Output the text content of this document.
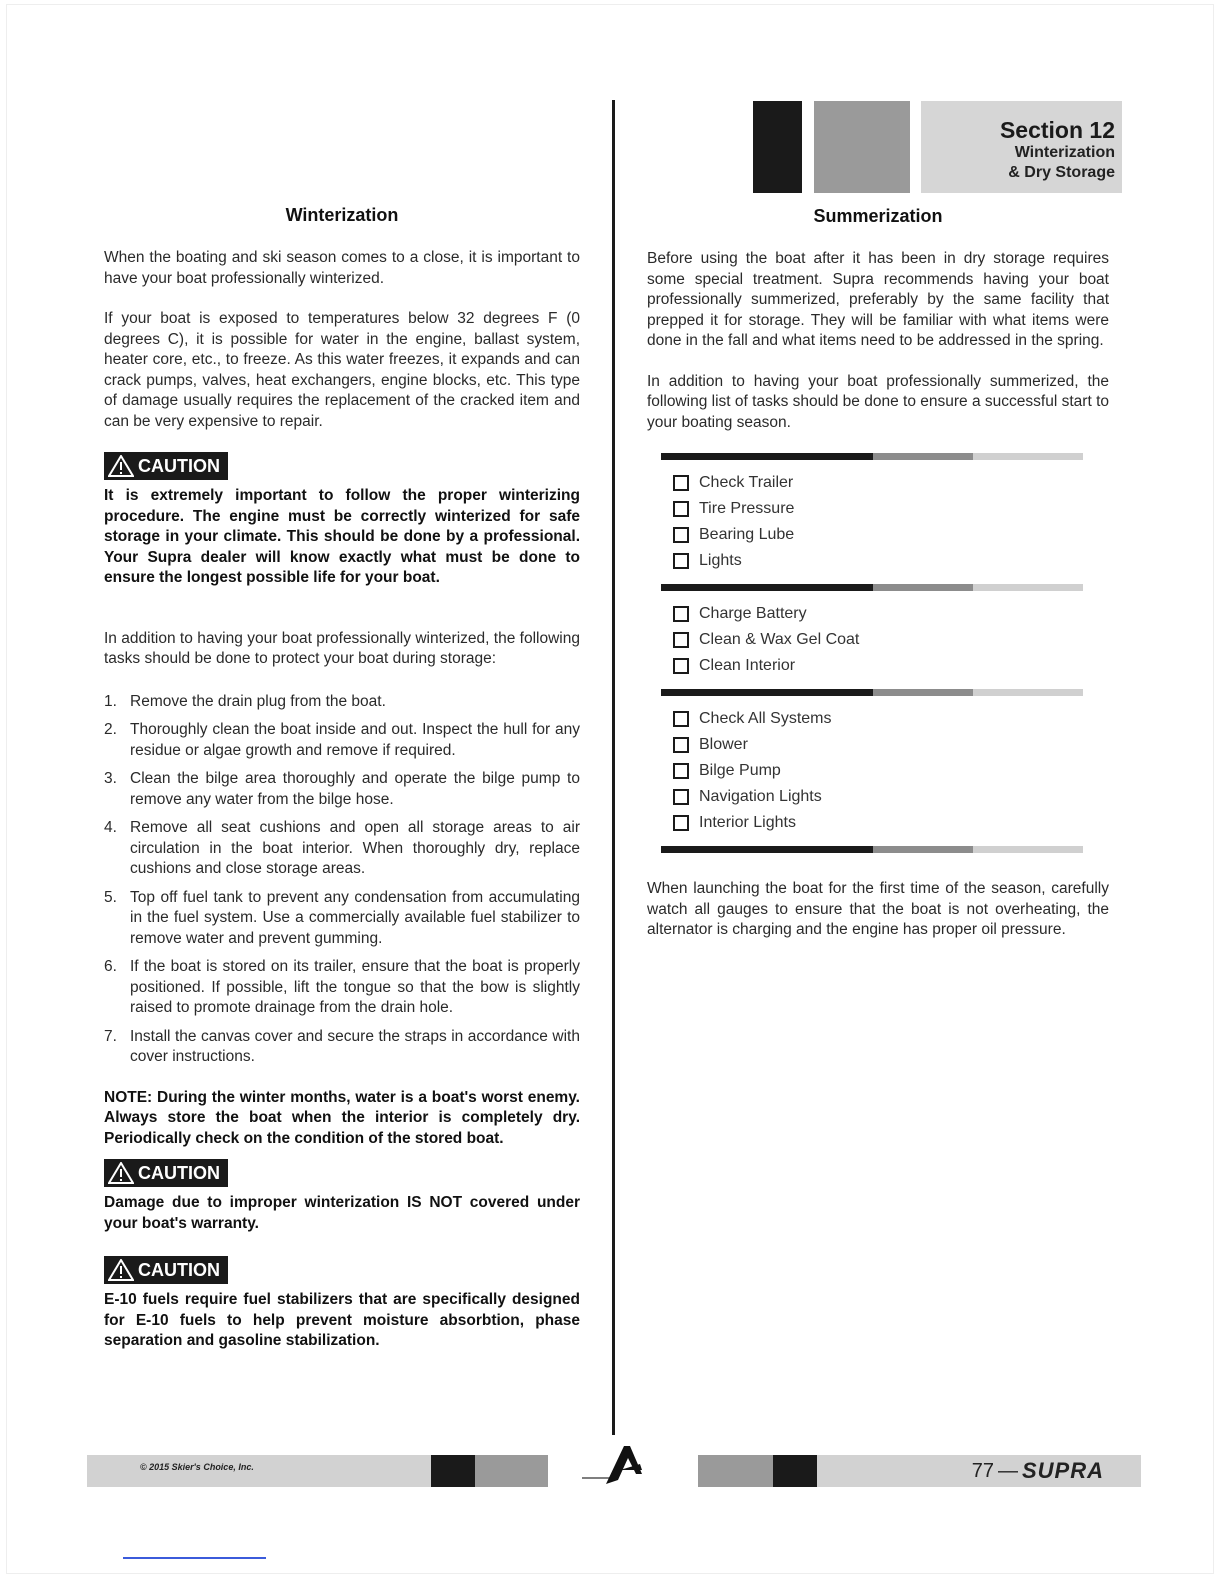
Section 12
Winterization
& Dry Storage
Winterization

When the boating and ski season comes to a close, it is important to have your boat professionally winterized.

If your boat is exposed to temperatures below 32 degrees F (0 degrees C), it is possible for water in the engine, ballast system, heater core, etc., to freeze. As this water freezes, it expands and can crack pumps, valves, heat exchangers, engine blocks, etc. This type of damage usually requires the replacement of the cracked item and can be very expensive to repair.

CAUTION

It is extremely important to follow the proper winterizing procedure. The engine must be correctly winterized for safe storage in your climate. This should be done by a professional. Your Supra dealer will know exactly what must be done to ensure the longest possible life for your boat.

In addition to having your boat professionally winterized, the following tasks should be done to protect your boat during storage:

1. Remove the drain plug from the boat.
2. Thoroughly clean the boat inside and out. Inspect the hull for any residue or algae growth and remove if required.
3. Clean the bilge area thoroughly and operate the bilge pump to remove any water from the bilge hose.
4. Remove all seat cushions and open all storage areas to air circulation in the boat interior. When thoroughly dry, replace cushions and close storage areas.
5. Top off fuel tank to prevent any condensation from accumulating in the fuel system. Use a commercially available fuel stabilizer to remove water and prevent gumming.
6. If the boat is stored on its trailer, ensure that the boat is properly positioned. If possible, lift the tongue so that the bow is slightly raised to promote drainage from the drain hole.
7. Install the canvas cover and secure the straps in accordance with cover instructions.

NOTE: During the winter months, water is a boat's worst enemy. Always store the boat when the interior is completely dry. Periodically check on the condition of the stored boat.

CAUTION

Damage due to improper winterization IS NOT covered under your boat's warranty.

CAUTION

E-10 fuels require fuel stabilizers that are specifically designed for E-10 fuels to help prevent moisture absorbtion, phase separation and gasoline stabilization.

Summerization

Before using the boat after it has been in dry storage requires some special treatment. Supra recommends having your boat professionally summerized, preferably by the same facility that prepped it for storage. They will be familiar with what items were done in the fall and what items need to be addressed in the spring.

In addition to having your boat professionally summerized, the following list of tasks should be done to ensure a successful start to your boating season.

Check Trailer
Tire Pressure
Bearing Lube
Lights
Charge Battery
Clean & Wax Gel Coat
Clean Interior
Check All Systems
Blower
Bilge Pump
Navigation Lights
Interior Lights

When launching the boat for the first time of the season, carefully watch all gauges to ensure that the boat is not overheating, the alternator is charging and the engine has proper oil pressure.

© 2015 Skier's Choice, Inc.	77 — SUPRA
